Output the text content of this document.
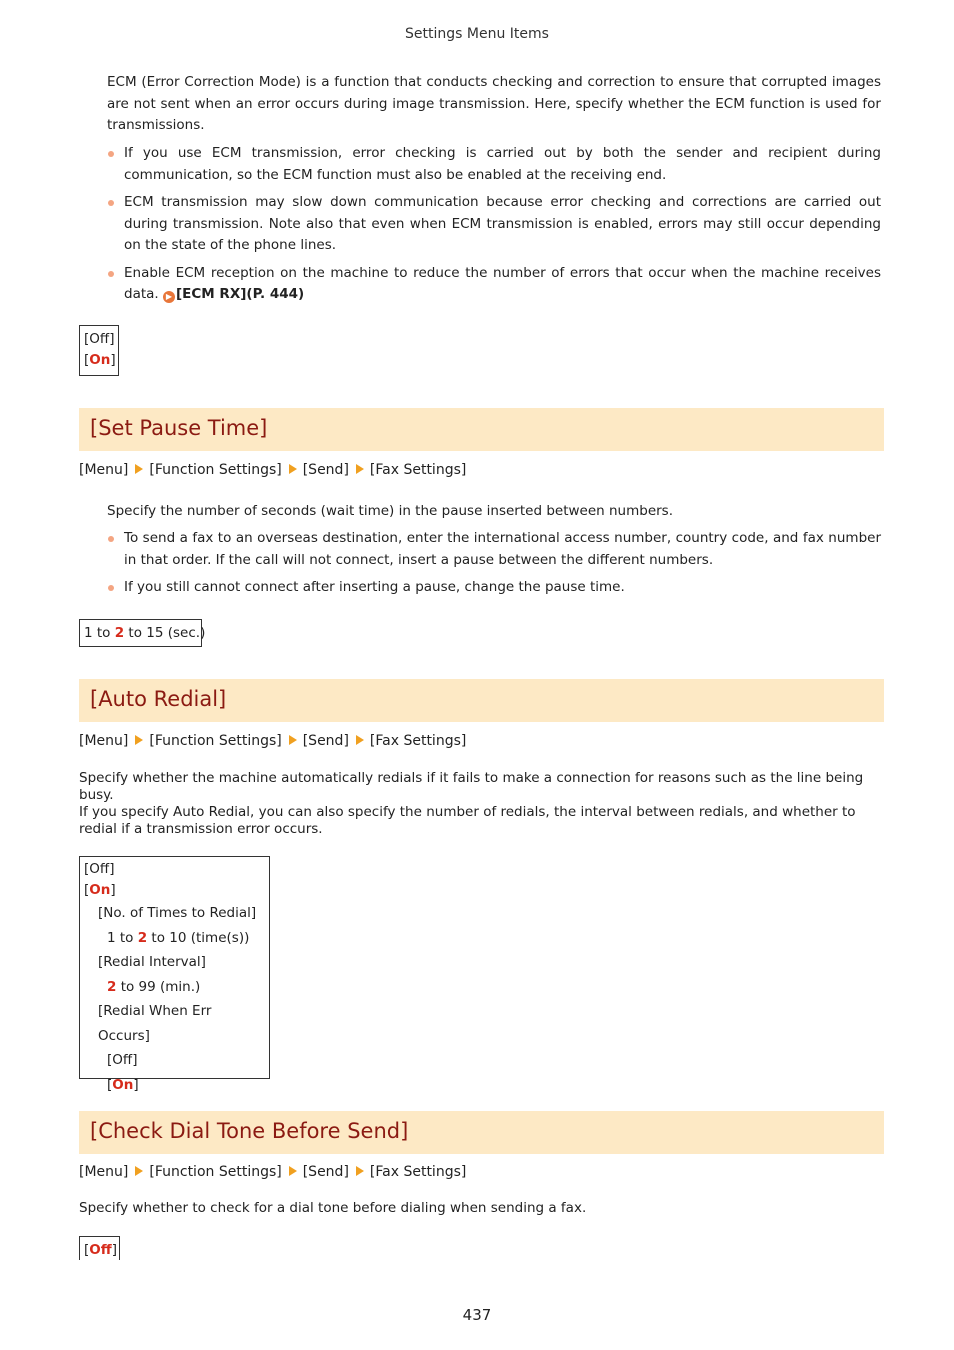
Settings Menu Items
ECM (Error Correction Mode) is a function that conducts checking and correction to ensure that corrupted images are not sent when an error occurs during image transmission. Here, specify whether the ECM function is used for transmissions.
If you use ECM transmission, error checking is carried out by both the sender and recipient during communication, so the ECM function must also be enabled at the receiving end.
ECM transmission may slow down communication because error checking and corrections are carried out during transmission. Note also that even when ECM transmission is enabled, errors may still occur depending on the state of the phone lines.
Enable ECM reception on the machine to reduce the number of errors that occur when the machine receives data. ▶ [ECM RX](P. 444)
[Off]
[On]
[Set Pause Time]
[Menu] [Function Settings] [Send] [Fax Settings]
Specify the number of seconds (wait time) in the pause inserted between numbers.
To send a fax to an overseas destination, enter the international access number, country code, and fax number in that order. If the call will not connect, insert a pause between the different numbers.
If you still cannot connect after inserting a pause, change the pause time.
1 to 2 to 15 (sec.)
[Auto Redial]
[Menu] [Function Settings] [Send] [Fax Settings]
Specify whether the machine automatically redials if it fails to make a connection for reasons such as the line being busy.
If you specify Auto Redial, you can also specify the number of redials, the interval between redials, and whether to redial if a transmission error occurs.
[Off]
[On]
[No. of Times to Redial]
1 to 2 to 10 (time(s))
[Redial Interval]
2 to 99 (min.)
[Redial When Err Occurs]
[Off]
[On]
[Check Dial Tone Before Send]
[Menu] [Function Settings] [Send] [Fax Settings]
Specify whether to check for a dial tone before dialing when sending a fax.
[Off]
437
